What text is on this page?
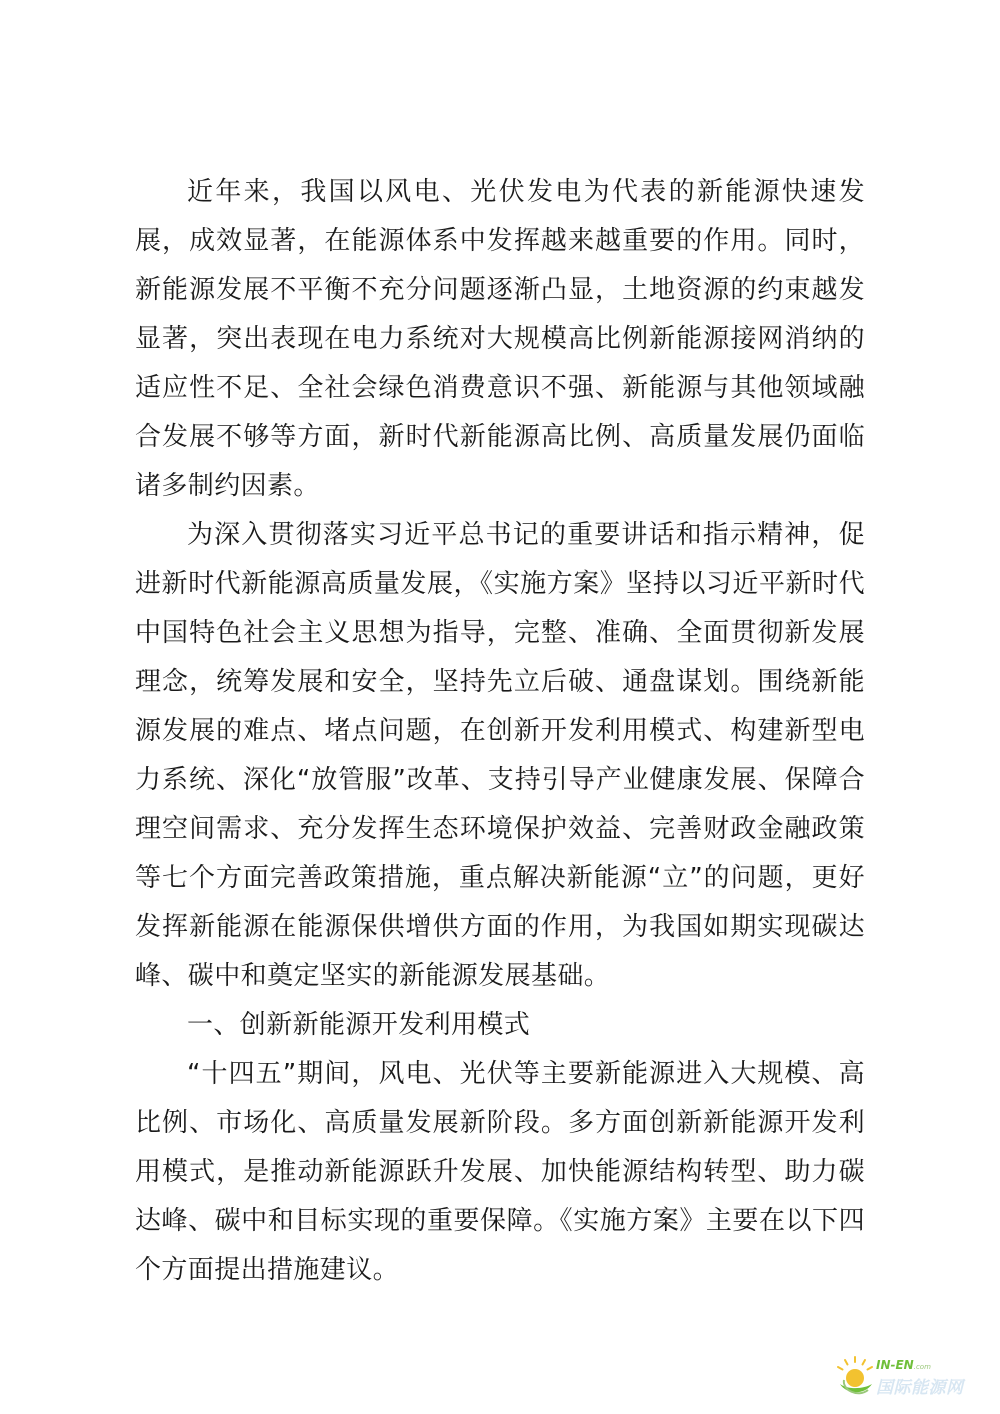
近年来，我国以风电、光伏发电为代表的新能源快速发展，成效显著，在能源体系中发挥越来越重要的作用。同时，新能源发展不平衡不充分问题逐渐凸显，土地资源的约束越发显著，突出表现在电力系统对大规模高比例新能源接网消纳的适应性不足、全社会绿色消费意识不强、新能源与其他领域融合发展不够等方面，新时代新能源高比例、高质量发展仍面临诸多制约因素。

为深入贯彻落实习近平总书记的重要讲话和指示精神，促进新时代新能源高质量发展，《实施方案》坚持以习近平新时代中国特色社会主义思想为指导，完整、准确、全面贯彻新发展理念，统筹发展和安全，坚持先立后破、通盘谋划。围绕新能源发展的难点、堵点问题，在创新开发利用模式、构建新型电力系统、深化“放管服”改革、支持引导产业健康发展、保障合理空间需求、充分发挥生态环境保护效益、完善财政金融政策等七个方面完善政策措施，重点解决新能源“立”的问题，更好发挥新能源在能源保供增供方面的作用，为我国如期实现碳达峰、碳中和奠定坚实的新能源发展基础。

一、创新新能源开发利用模式

“十四五”期间，风电、光伏等主要新能源进入大规模、高比例、市场化、高质量发展新阶段。多方面创新新能源开发利用模式，是推动新能源跃升发展、加快能源结构转型、助力碳达峰、碳中和目标实现的重要保障。《实施方案》主要在以下四个方面提出措施建议。

IN-EN.com
国际能源网
